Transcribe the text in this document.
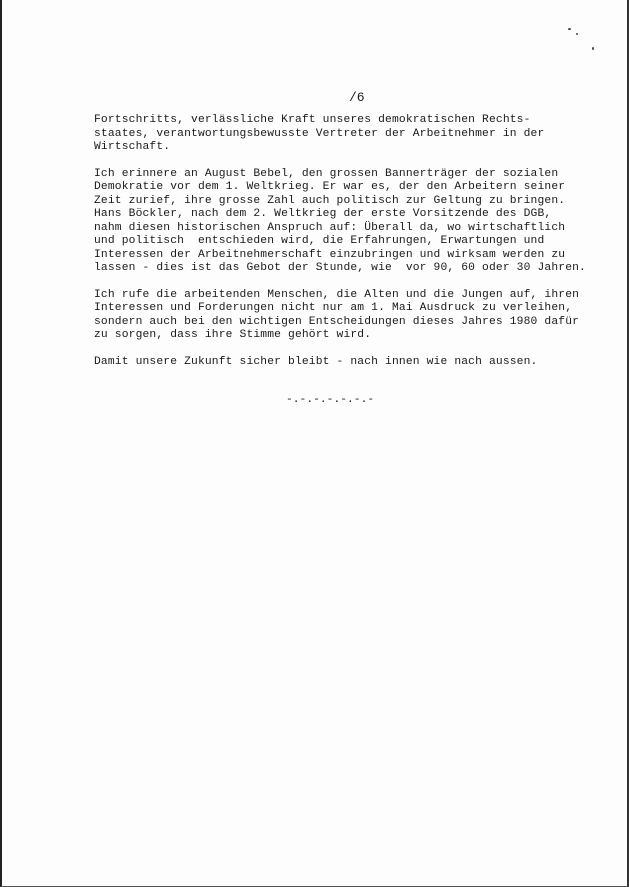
/6

Fortschritts, verlässliche Kraft unseres demokratischen Rechts-
staates, verantwortungsbewusste Vertreter der Arbeitnehmer in der
Wirtschaft.

Ich erinnere an August Bebel, den grossen Bannerträger der sozialen
Demokratie vor dem 1. Weltkrieg. Er war es, der den Arbeitern seiner
Zeit zurief, ihre grosse Zahl auch politisch zur Geltung zu bringen.
Hans Böckler, nach dem 2. Weltkrieg der erste Vorsitzende des DGB,
nahm diesen historischen Anspruch auf: Überall da, wo wirtschaftlich
und politisch  entschieden wird, die Erfahrungen, Erwartungen und
Interessen der Arbeitnehmerschaft einzubringen und wirksam werden zu
lassen - dies ist das Gebot der Stunde, wie  vor 90, 60 oder 30 Jahren.

Ich rufe die arbeitenden Menschen, die Alten und die Jungen auf, ihren
Interessen und Forderungen nicht nur am 1. Mai Ausdruck zu verleihen,
sondern auch bei den wichtigen Entscheidungen dieses Jahres 1980 dafür
zu sorgen, dass ihre Stimme gehört wird.

Damit unsere Zukunft sicher bleibt - nach innen wie nach aussen.

-.-.-.-.-.-.-
